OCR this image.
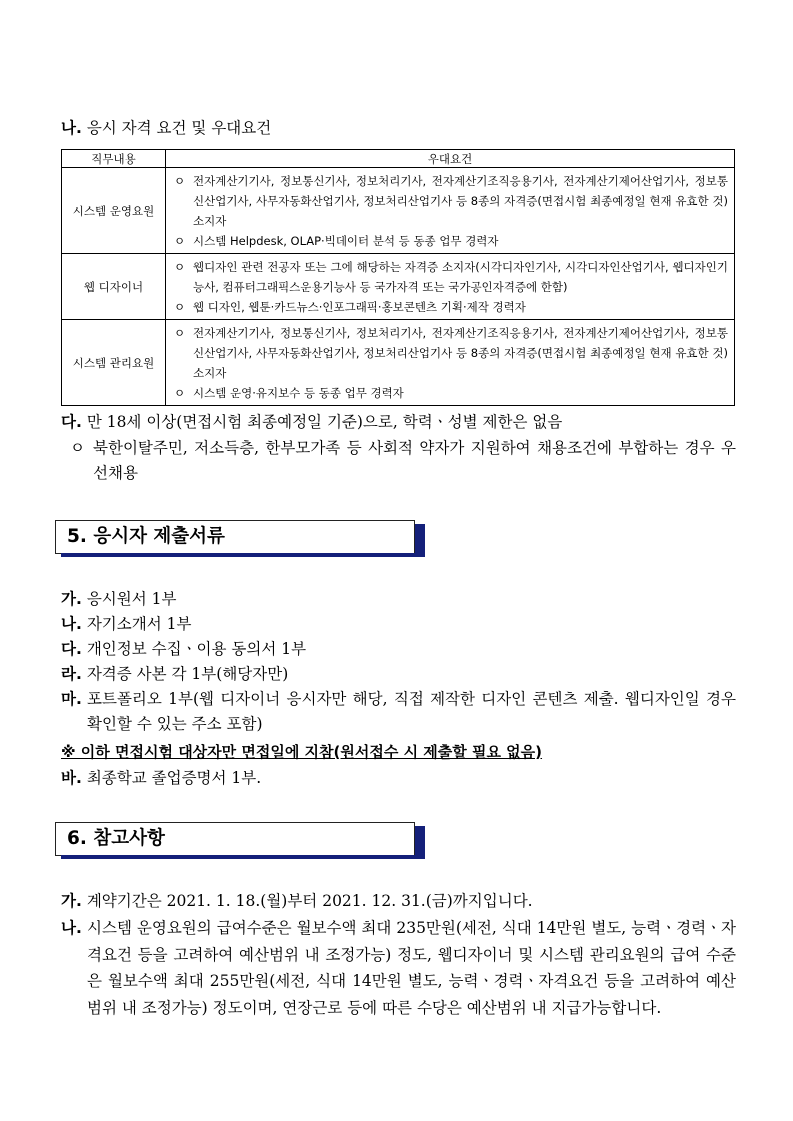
나. 응시 자격 요건 및 우대요건
직무내용	우대요건
시스템 운영요원	ㅇ 전자계산기기사, 정보통신기사, 정보처리기사, 전자계산기조직응용기사, 전자계산기제어산업기사, 정보통신산업기사, 사무자동화산업기사, 정보처리산업기사 등 8종의 자격증(면접시험 최종예정일 현재 유효한 것) 소지자
ㅇ 시스템 Helpdesk, OLAP·빅데이터 분석 등 동종 업무 경력자

웹 디자이너	ㅇ 웹디자인 관련 전공자 또는 그에 해당하는 자격증 소지자(시각디자인기사, 시각디자인산업기사, 웹디자인기능사, 컴퓨터그래픽스운용기능사 등 국가자격 또는 국가공인자격증에 한함)
ㅇ 웹 디자인, 웹툰·카드뉴스·인포그래픽·홍보콘텐츠 기획·제작 경력자

시스템 관리요원	ㅇ 전자계산기기사, 정보통신기사, 정보처리기사, 전자계산기조직응용기사, 전자계산기제어산업기사, 정보통신산업기사, 사무자동화산업기사, 정보처리산업기사 등 8종의 자격증(면접시험 최종예정일 현재 유효한 것) 소지자
ㅇ 시스템 운영·유지보수 등 동종 업무 경력자
다. 만 18세 이상(면접시험 최종예정일 기준)으로, 학력ㆍ성별 제한은 없음
ㅇ 북한이탈주민, 저소득층, 한부모가족 등 사회적 약자가 지원하여 채용조건에 부합하는 경우 우선채용
5. 응시자 제출서류
가. 응시원서 1부
나. 자기소개서 1부
다. 개인정보 수집ㆍ이용 동의서 1부
라. 자격증 사본 각 1부(해당자만)
마. 포트폴리오 1부(웹 디자이너 응시자만 해당, 직접 제작한 디자인 콘텐츠 제출. 웹디자인일 경우 확인할 수 있는 주소 포함)
※ 이하 면접시험 대상자만 면접일에 지참(원서접수 시 제출할 필요 없음)
바. 최종학교 졸업증명서 1부.
6. 참고사항
가. 계약기간은 2021. 1. 18.(월)부터 2021. 12. 31.(금)까지입니다.
나. 시스템 운영요원의 급여수준은 월보수액 최대 235만원(세전, 식대 14만원 별도, 능력ㆍ경력ㆍ자격요건 등을 고려하여 예산범위 내 조정가능) 정도, 웹디자이너 및 시스템 관리요원의 급여 수준은 월보수액 최대 255만원(세전, 식대 14만원 별도, 능력ㆍ경력ㆍ자격요건 등을 고려하여 예산범위 내 조정가능) 정도이며, 연장근로 등에 따른 수당은 예산범위 내 지급가능합니다.
